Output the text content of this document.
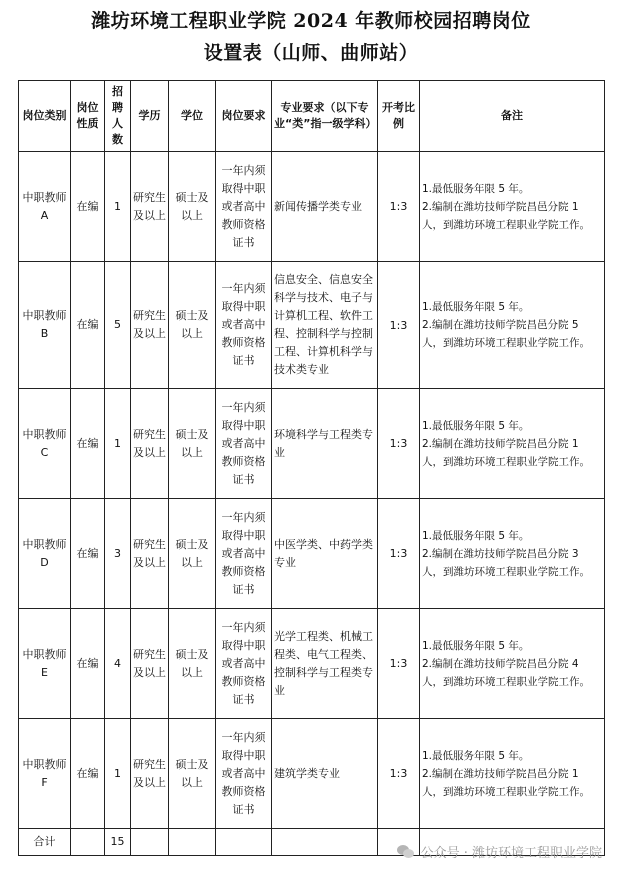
潍坊环境工程职业学院 2024 年教师校园招聘岗位
设置表（山师、曲师站）
岗位类别	岗位性质	招聘人数	学历	学位	岗位要求	专业要求（以下专业“类”指一级学科）	开考比例	备注
中职教师 A	在编	1	研究生及以上	硕士及以上	一年内须取得中职或者高中教师资格证书	新闻传播学类专业	1:3	1.最低服务年限 5 年。
2.编制在潍坊技师学院昌邑分院 1 人，到潍坊环境工程职业学院工作。

中职教师 B	在编	5	研究生及以上	硕士及以上	一年内须取得中职或者高中教师资格证书	信息安全、信息安全科学与技术、电子与计算机工程、软件工程、控制科学与控制工程、计算机科学与技术类专业	1:3	1.最低服务年限 5 年。
2.编制在潍坊技师学院昌邑分院 5 人，到潍坊环境工程职业学院工作。

中职教师 C	在编	1	研究生及以上	硕士及以上	一年内须取得中职或者高中教师资格证书	环境科学与工程类专业	1:3	1.最低服务年限 5 年。
2.编制在潍坊技师学院昌邑分院 1 人，到潍坊环境工程职业学院工作。

中职教师 D	在编	3	研究生及以上	硕士及以上	一年内须取得中职或者高中教师资格证书	中医学类、中药学类专业	1:3	1.最低服务年限 5 年。
2.编制在潍坊技师学院昌邑分院 3 人，到潍坊环境工程职业学院工作。

中职教师 E	在编	4	研究生及以上	硕士及以上	一年内须取得中职或者高中教师资格证书	光学工程类、机械工程类、电气工程类、控制科学与工程类专业	1:3	1.最低服务年限 5 年。
2.编制在潍坊技师学院昌邑分院 4 人，到潍坊环境工程职业学院工作。

中职教师 F	在编	1	研究生及以上	硕士及以上	一年内须取得中职或者高中教师资格证书	建筑学类专业	1:3	1.最低服务年限 5 年。
2.编制在潍坊技师学院昌邑分院 1 人，到潍坊环境工程职业学院工作。

合计		15						
公众号 · 潍坊环境工程职业学院
